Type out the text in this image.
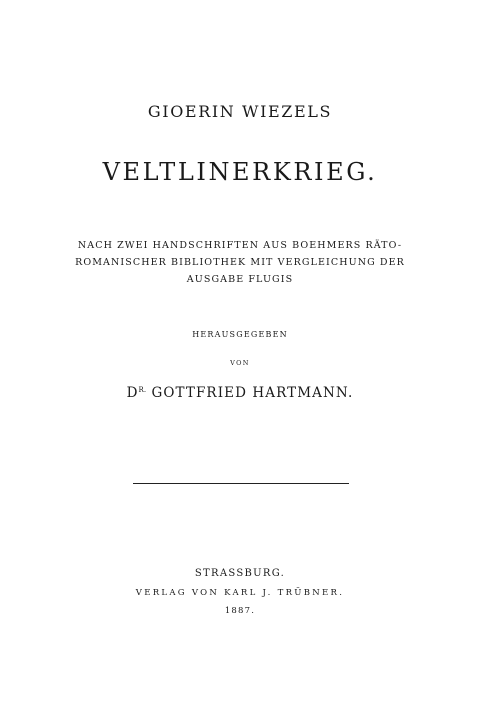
GIOERIN WIEZELS

VELTLINERKRIEG.

NACH ZWEI HANDSCHRIFTEN AUS BOEHMERS RÄTO-

ROMANISCHER BIBLIOTHEK MIT VERGLEICHUNG DER

AUSGABE FLUGIS

HERAUSGEGEBEN

VON

$D^{R.}$ GOTTFRIED HARTMANN.

STRASSBURG.

VERLAG VON KARL J. TRÜBNER.

1887.
